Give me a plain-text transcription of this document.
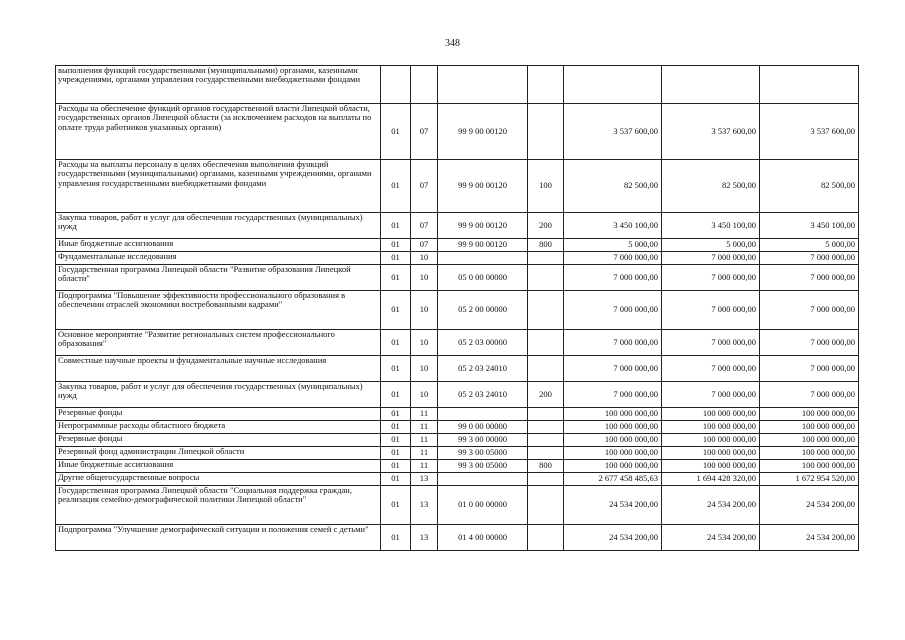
348
выполнения функций государственными (муниципальными) органами, казенными учреждениями, органами управления государственными внебюджетными фондами							
Расходы на обеспечение функций органов государственной власти Липецкой области, государственных органов Липецкой области (за исключением расходов на выплаты по оплате труда работников указанных органов)	01	07	99 9 00 00120		3 537 600,00	3 537 600,00	3 537 600,00
Расходы на выплаты персоналу в целях обеспечения выполнения функций государственными (муниципальными) органами, казенными учреждениями, органами управления государственными внебюджетными фондами	01	07	99 9 00 00120	100	82 500,00	82 500,00	82 500,00
Закупка товаров, работ и услуг для обеспечения государственных (муниципальных) нужд	01	07	99 9 00 00120	200	3 450 100,00	3 450 100,00	3 450 100,00
Иные бюджетные ассигнования	01	07	99 9 00 00120	800	5 000,00	5 000,00	5 000,00
Фундаментальные исследования	01	10			7 000 000,00	7 000 000,00	7 000 000,00
Государственная программа Липецкой области "Развитие образования Липецкой области"	01	10	05 0 00 00000		7 000 000,00	7 000 000,00	7 000 000,00
Подпрограмма "Повышение эффективности профессионального образования в обеспечении отраслей экономики востребованными кадрами"	01	10	05 2 00 00000		7 000 000,00	7 000 000,00	7 000 000,00
Основное мероприятие "Развитие региональных систем профессионального образования"	01	10	05 2 03 00000		7 000 000,00	7 000 000,00	7 000 000,00
Совместные научные проекты и фундаментальные научные исследования	01	10	05 2 03 24010		7 000 000,00	7 000 000,00	7 000 000,00
Закупка товаров, работ и услуг для обеспечения государственных (муниципальных) нужд	01	10	05 2 03 24010	200	7 000 000,00	7 000 000,00	7 000 000,00
Резервные фонды	01	11			100 000 000,00	100 000 000,00	100 000 000,00
Непрограммные расходы областного бюджета	01	11	99 0 00 00000		100 000 000,00	100 000 000,00	100 000 000,00
Резервные фонды	01	11	99 3 00 00000		100 000 000,00	100 000 000,00	100 000 000,00
Резервный фонд администрации Липецкой области	01	11	99 3 00 05000		100 000 000,00	100 000 000,00	100 000 000,00
Иные бюджетные ассигнования	01	11	99 3 00 05000	800	100 000 000,00	100 000 000,00	100 000 000,00
Другие общегосударственные вопросы	01	13			2 677 458 485,63	1 694 428 320,00	1 672 954 520,00
Государственная программа Липецкой области "Социальная поддержка граждан, реализация семейно-демографической политики Липецкой области"	01	13	01 0 00 00000		24 534 200,00	24 534 200,00	24 534 200,00
Подпрограмма "Улучшение демографической ситуации и положения семей с детьми"	01	13	01 4 00 00000		24 534 200,00	24 534 200,00	24 534 200,00
